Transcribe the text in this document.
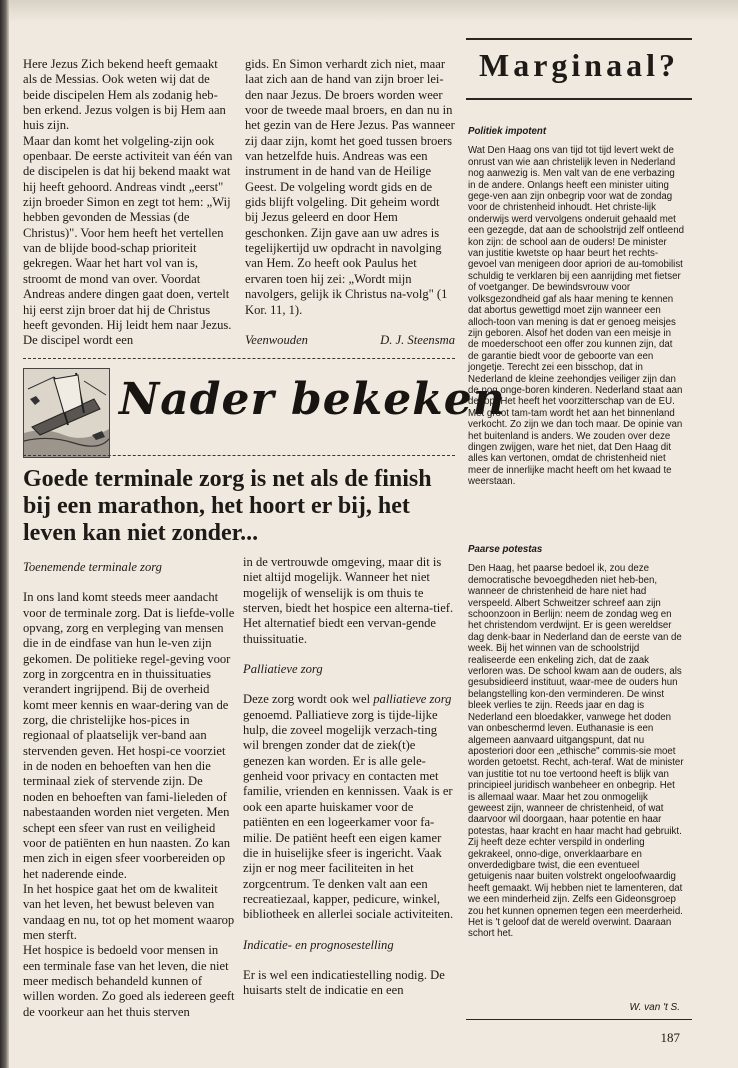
Here Jezus Zich bekend heeft gemaakt als de Messias. Ook weten wij dat de beide discipelen Hem als zodanig heb-ben erkend. Jezus volgen is bij Hem aan huis zijn.

Maar dan komt het volgeling-zijn ook openbaar. De eerste activiteit van één van de discipelen is dat hij bekend maakt wat hij heeft gehoord. Andreas vindt „eerst" zijn broeder Simon en zegt tot hem: „Wij hebben gevonden de Messias (de Christus)". Voor hem heeft het vertellen van de blijde bood-schap prioriteit gekregen. Waar het hart vol van is, stroomt de mond van over. Voordat Andreas andere dingen gaat doen, vertelt hij eerst zijn broer dat hij de Christus heeft gevonden. Hij leidt hem naar Jezus. De discipel wordt een

gids. En Simon verhardt zich niet, maar laat zich aan de hand van zijn broer lei-den naar Jezus. De broers worden weer voor de tweede maal broers, en dan nu in het gezin van de Here Jezus. Pas wanneer zij daar zijn, komt het goed tussen broers van hetzelfde huis. Andreas was een instrument in de hand van de Heilige Geest. De volgeling wordt gids en de gids blijft volgeling. Dit geheim wordt bij Jezus geleerd en door Hem geschonken. Zijn gave aan uw adres is tegelijkertijd uw opdracht in navolging van Hem. Zo heeft ook Paulus het ervaren toen hij zei: „Wordt mijn navolgers, gelijk ik Christus na-volg" (1 Kor. 11, 1).

Veenwouden	D. J. Steensma
Nader bekeken
Goede terminale zorg is net als de finish bij een marathon, het hoort er bij, het leven kan niet zonder...

Toenemende terminale zorg

In ons land komt steeds meer aandacht voor de terminale zorg. Dat is liefde-volle opvang, zorg en verpleging van mensen die in de eindfase van hun le-ven zijn gekomen. De politieke regel-geving voor zorg in zorgcentra en in thuissituaties verandert ingrijpend. Bij de overheid komt meer kennis en waar-dering van de zorg, die christelijke hos-pices in regionaal of plaatselijk ver-band aan stervenden geven. Het hospi-ce voorziet in de noden en behoeften van hen die terminaal ziek of stervende zijn. De noden en behoeften van fami-lieleden of nabestaanden worden niet vergeten. Men schept een sfeer van rust en veiligheid voor de patiënten en hun naasten. Zo kan men zich in eigen sfeer voorbereiden op het naderende einde.

In het hospice gaat het om de kwaliteit van het leven, het bewust beleven van vandaag en nu, tot op het moment waarop men sterft.

Het hospice is bedoeld voor mensen in een terminale fase van het leven, die niet meer medisch behandeld kunnen of willen worden. Zo goed als iedereen geeft de voorkeur aan het thuis sterven

in de vertrouwde omgeving, maar dit is niet altijd mogelijk. Wanneer het niet mogelijk of wenselijk is om thuis te sterven, biedt het hospice een alterna-tief. Het alternatief biedt een vervan-gende thuissituatie.

Palliatieve zorg

Deze zorg wordt ook wel palliatieve zorg genoemd. Palliatieve zorg is tijde-lijke hulp, die zoveel mogelijk verzach-ting wil brengen zonder dat de ziek(t)e genezen kan worden. Er is alle gele-genheid voor privacy en contacten met familie, vrienden en kennissen. Vaak is er ook een aparte huiskamer voor de patiënten en een logeerkamer voor fa-milie. De patiënt heeft een eigen kamer die in huiselijke sfeer is ingericht. Vaak zijn er nog meer faciliteiten in het zorgcentrum. Te denken valt aan een recreatiezaal, kapper, pedicure, winkel, bibliotheek en allerlei sociale activiteiten.

Indicatie- en prognosestelling

Er is wel een indicatiestelling nodig. De huisarts stelt de indicatie en een

Marginaal?

Politiek impotent

Wat Den Haag ons van tijd tot tijd levert wekt de onrust van wie aan christelijk leven in Nederland nog aanwezig is. Men valt van de ene verbazing in de andere. Onlangs heeft een minister uiting gege-ven aan zijn onbegrip voor wat de zondag voor de christenheid inhoudt. Het christe-lijk onderwijs werd vervolgens onderuit gehaald met een gezegde, dat aan de schoolstrijd zelf ontleend kon zijn: de school aan de ouders! De minister van justitie kwetste op haar beurt het rechts-gevoel van menigeen door apriori de au-tomobilist schuldig te verklaren bij een aanrijding met fietser of voetganger. De bewindsvrouw voor volksgezondheid gaf als haar mening te kennen dat abortus gewettigd moet zijn wanneer een alloch-toon van mening is dat er genoeg meisjes zijn geboren. Alsof het doden van een meisje in de moederschoot een offer zou kunnen zijn, dat de garantie biedt voor de geboorte van een jongetje. Terecht zei een bisschop, dat in Nederland de kleine zeehondjes veiliger zijn dan de nog onge-boren kinderen. Nederland staat aan de top. Het heeft het voorzitterschap van de EU. Met groot tam-tam wordt het aan het binnenland verkocht. Zo zijn we dan toch maar. De opinie van het buitenland is anders. We zouden over deze dingen zwijgen, ware het niet, dat Den Haag dit alles kan vertonen, omdat de christenheid niet meer de innerlijke macht heeft om het kwaad te weerstaan.

Paarse potestas

Den Haag, het paarse bedoel ik, zou deze democratische bevoegdheden niet heb-ben, wanneer de christenheid de hare niet had verspeeld. Albert Schweitzer schreef aan zijn schoonzoon in Berlijn: neem de zondag weg en het christendom verdwijnt. Er is geen wereldser dag denk-baar in Nederland dan de eerste van de week. Bij het winnen van de schoolstrijd realiseerde een enkeling zich, dat de zaak verloren was. De school kwam aan de ouders, als gesubsidieerd instituut, waar-mee de ouders hun belangstelling kon-den verminderen. De winst bleek verlies te zijn. Reeds jaar en dag is Nederland een bloedakker, vanwege het doden van onbeschermd leven. Euthanasie is een algemeen aanvaard uitgangspunt, dat nu aposteriori door een „ethische" commis-sie moet worden getoetst. Recht, ach-teraf. Wat de minister van justitie tot nu toe vertoond heeft is blijk van principieel juridisch wanbeheer en onbegrip. Het is allemaal waar. Maar het zou onmogelijk geweest zijn, wanneer de christenheid, of wat daarvoor wil doorgaan, haar potentie en haar potestas, haar kracht en haar macht had gebruikt. Zij heeft deze echter verspild in onderling gekrakeel, onno-dige, onverklaarbare en onverdedigbare twist, die een eventueel getuigenis naar buiten volstrekt ongeloofwaardig heeft gemaakt. Wij hebben niet te lamenteren, dat we een minderheid zijn. Zelfs een Gideonsgroep zou het kunnen opnemen tegen een meerderheid. Het is 't geloof dat de wereld overwint. Daaraan schort het.

W. van 't S.
187
